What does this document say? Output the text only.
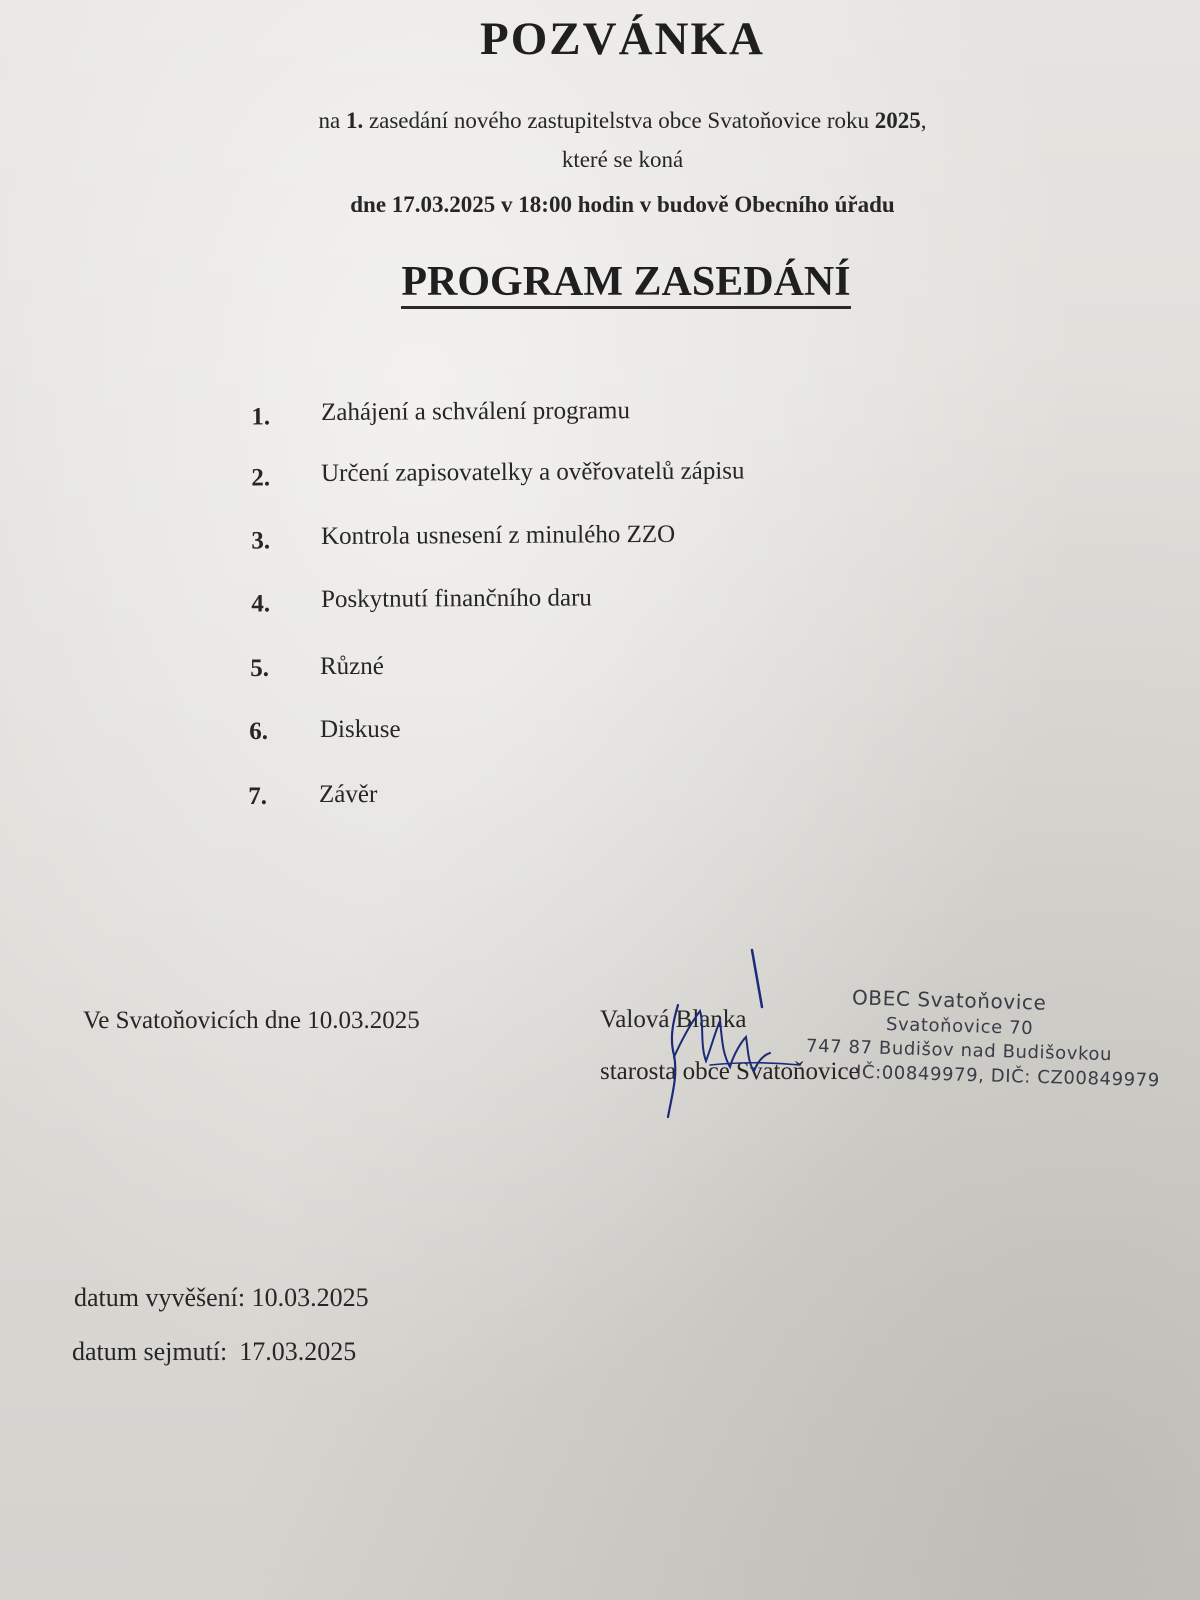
POZVÁNKA
na 1. zasedání nového zastupitelstva obce Svatoňovice roku 2025,
které se koná
dne 17.03.2025 v 18:00 hodin v budově Obecního úřadu
PROGRAM ZASEDÁNÍ
1. Zahájení a schválení programu
2. Určení zapisovatelky a ověřovatelů zápisu
3. Kontrola usnesení z minulého ZZO
4. Poskytnutí finančního daru
5. Různé
6. Diskuse
7. Závěr
Ve Svatoňovicích dne 10.03.2025	Valová Blanka
starosta obce Svatoňovice
OBEC Svatoňovice
Svatoňovice 70
747 87 Budišov nad Budišovkou
IČ:00849979, DIČ: CZ00849979
datum vyvěšení: 10.03.2025
datum sejmutí: 17.03.2025
